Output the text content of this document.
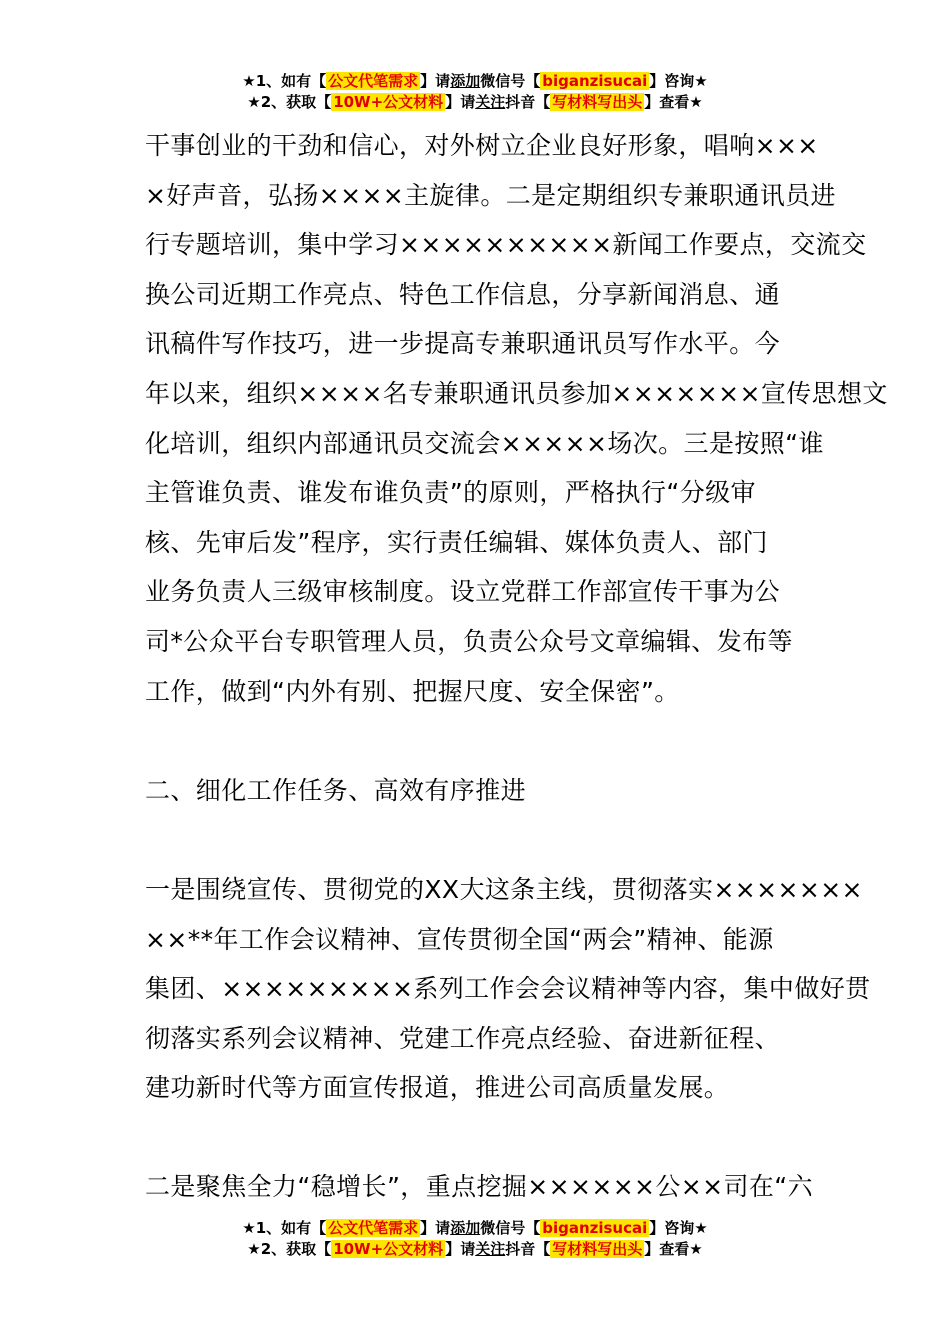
★1、如有【 公文代笔需求 】请添加微信号【 biganzisucai 】咨询★
★2、获取【 10W+公文材料 】请关注抖音【 写材料写出头 】查看★

干事创业的干劲和信心，对外树立企业良好形象，唱响×××

×好声音，弘扬××××主旋律。二是定期组织专兼职通讯员进

行专题培训，集中学习××××××××××新闻工作要点，交流交

换公司近期工作亮点、特色工作信息，分享新闻消息、通

讯稿件写作技巧，进一步提高专兼职通讯员写作水平。今

年以来，组织××××名专兼职通讯员参加×××××××宣传思想文

化培训，组织内部通讯员交流会×××××场次。三是按照“谁

主管谁负责、谁发布谁负责”的原则，严格执行“分级审

核、先审后发”程序，实行责任编辑、媒体负责人、部门

业务负责人三级审核制度。设立党群工作部宣传干事为公

司*公众平台专职管理人员，负责公众号文章编辑、发布等

工作，做到“内外有别、把握尺度、安全保密”。

二、细化工作任务、高效有序推进

一是围绕宣传、贯彻党的XX大这条主线，贯彻落实×××××××

××**年工作会议精神、宣传贯彻全国“两会”精神、能源

集团、×××××××××系列工作会会议精神等内容，集中做好贯

彻落实系列会议精神、党建工作亮点经验、奋进新征程、

建功新时代等方面宣传报道，推进公司高质量发展。

二是聚焦全力“稳增长”，重点挖掘××××××公××司在“六

★1、如有【 公文代笔需求 】请添加微信号【 biganzisucai 】咨询★
★2、获取【 10W+公文材料 】请关注抖音【 写材料写出头 】查看★
